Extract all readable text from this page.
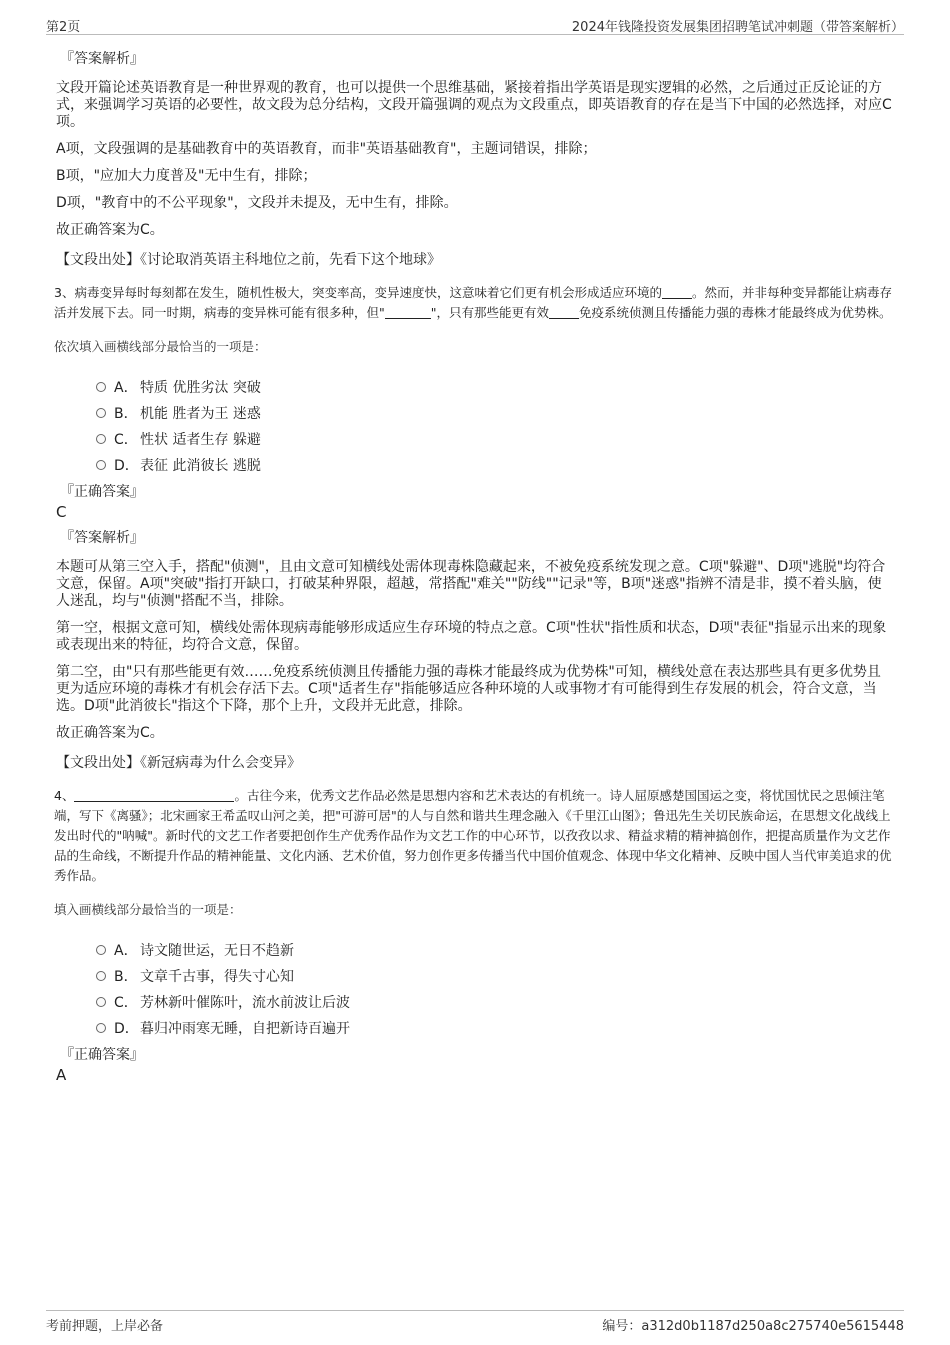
第2页	2024年钱隆投资发展集团招聘笔试冲刺题（带答案解析）
『答案解析』

文段开篇论述英语教育是一种世界观的教育，也可以提供一个思维基础，紧接着指出学英语是现实逻辑的必然，之后通过正反论证的方式，来强调学习英语的必要性，故文段为总分结构，文段开篇强调的观点为文段重点，即英语教育的存在是当下中国的必然选择，对应C项。

A项，文段强调的是基础教育中的英语教育，而非"英语基础教育"，主题词错误，排除；

B项，"应加大力度普及"无中生有，排除；

D项，"教育中的不公平现象"，文段并未提及，无中生有，排除。

故正确答案为C。

【文段出处】《讨论取消英语主科地位之前，先看下这个地球》
3、病毒变异每时每刻都在发生，随机性极大，突变率高，变异速度快，这意味着它们更有机会形成适应环境的 。然而，并非每种变异都能让病毒存活并发展下去。同一时期，病毒的变异株可能有很多种，但"	"，只有那些能更有效 免疫系统侦测且传播能力强的毒株才能最终成为优势株。
依次填入画横线部分最恰当的一项是：
A． 特质 优胜劣汰 突破
B． 机能 胜者为王 迷惑
C． 性状 适者生存 躲避
D． 表征 此消彼长 逃脱
『正确答案』
C
『答案解析』

本题可从第三空入手，搭配"侦测"，且由文意可知横线处需体现毒株隐藏起来，不被免疫系统发现之意。C项"躲避"、D项"逃脱"均符合文意，保留。A项"突破"指打开缺口，打破某种界限，超越，常搭配"难关""防线""记录"等，B项"迷惑"指辨不清是非，摸不着头脑，使人迷乱，均与"侦测"搭配不当，排除。

第一空，根据文意可知，横线处需体现病毒能够形成适应生存环境的特点之意。C项"性状"指性质和状态，D项"表征"指显示出来的现象或表现出来的特征，均符合文意，保留。

第二空，由"只有那些能更有效……免疫系统侦测且传播能力强的毒株才能最终成为优势株"可知，横线处意在表达那些具有更多优势且更为适应环境的毒株才有机会存活下去。C项"适者生存"指能够适应各种环境的人或事物才有可能得到生存发展的机会，符合文意，当选。D项"此消彼长"指这个下降，那个上升，文段并无此意，排除。

故正确答案为C。

【文段出处】《新冠病毒为什么会变异》
4、	。古往今来，优秀文艺作品必然是思想内容和艺术表达的有机统一。诗人屈原感楚国国运之变，将忧国忧民之思倾注笔端，写下《离骚》；北宋画家王希孟叹山河之美，把"可游可居"的人与自然和谐共生理念融入《千里江山图》；鲁迅先生关切民族命运，在思想文化战线上发出时代的"呐喊"。新时代的文艺工作者要把创作生产优秀作品作为文艺工作的中心环节，以孜孜以求、精益求精的精神搞创作，把提高质量作为文艺作品的生命线，不断提升作品的精神能量、文化内涵、艺术价值，努力创作更多传播当代中国价值观念、体现中华文化精神、反映中国人当代审美追求的优秀作品。
填入画横线部分最恰当的一项是：
A． 诗文随世运，无日不趋新
B． 文章千古事，得失寸心知
C． 芳林新叶催陈叶，流水前波让后波
D． 暮归冲雨寒无睡，自把新诗百遍开
『正确答案』
A
考前押题，上岸必备	编号：a312d0b1187d250a8c275740e5615448
